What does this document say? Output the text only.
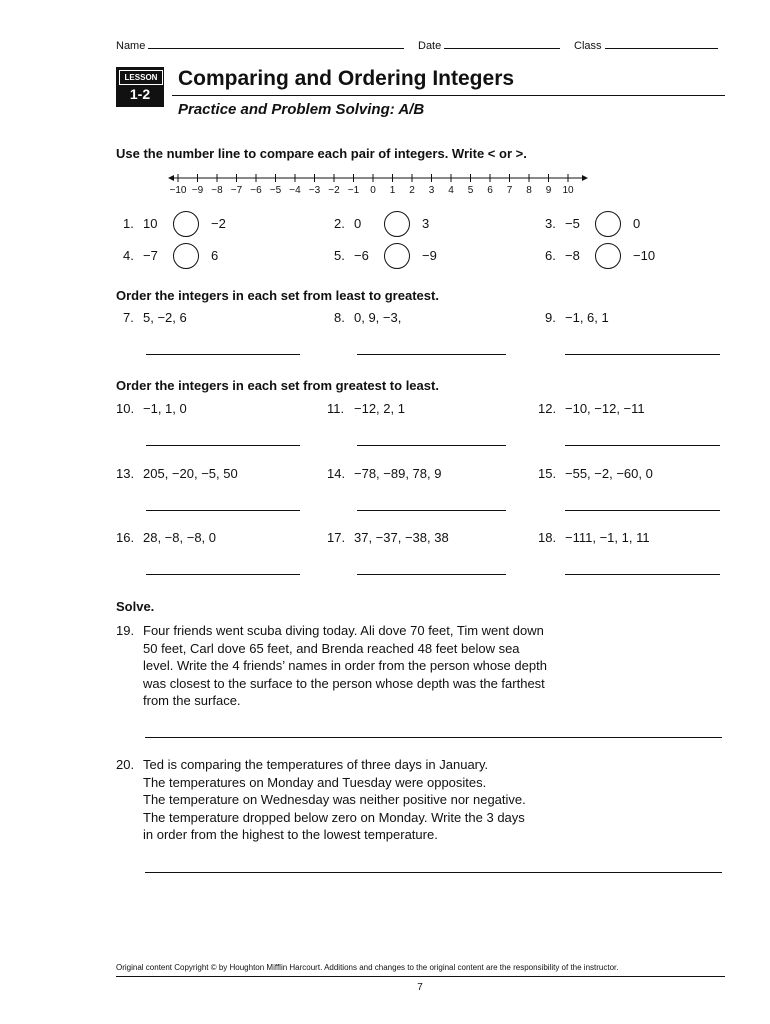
Name	Date	Class
LESSON
1-2
Comparing and Ordering Integers
Practice and Problem Solving: A/B
Use the number line to compare each pair of integers. Write < or >.
−10 −9 −8 −7 −6 −5 −4 −3 −2 −1 0 1 2 3 4 5 6 7 8 9 10
1. 10	−2	2. 0	3	3. −5	0
4. −7	6	5. −6	−9	6. −8	−10
Order the integers in each set from least to greatest.
7. 5, −2, 6	8. 0, 9, −3,	9. −1, 6, 1
Order the integers in each set from greatest to least.
10. −1, 1, 0	11. −12, 2, 1	12. −10, −12, −11
13. 205, −20, −5, 50	14. −78, −89, 78, 9	15. −55, −2, −60, 0
16. 28, −8, −8, 0	17. 37, −37, −38, 38	18. −111, −1, 1, 11
Solve.
19. Four friends went scuba diving today. Ali dove 70 feet, Tim went down
50 feet, Carl dove 65 feet, and Brenda reached 48 feet below sea
level. Write the 4 friends’ names in order from the person whose depth
was closest to the surface to the person whose depth was the farthest
from the surface.
20. Ted is comparing the temperatures of three days in January.
The temperatures on Monday and Tuesday were opposites.
The temperature on Wednesday was neither positive nor negative.
The temperature dropped below zero on Monday. Write the 3 days
in order from the highest to the lowest temperature.
Original content Copyright © by Houghton Mifflin Harcourt. Additions and changes to the original content are the responsibility of the instructor.
7
